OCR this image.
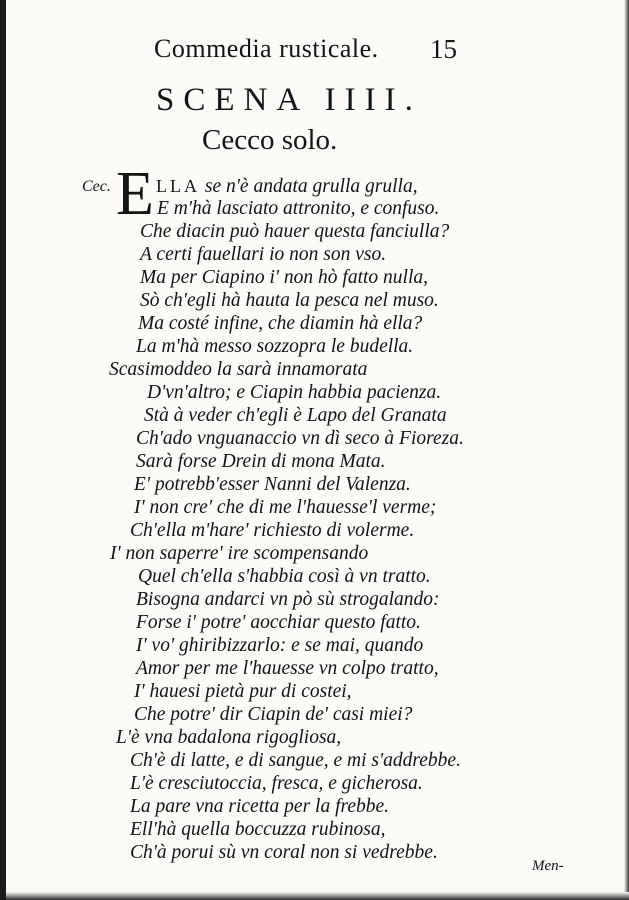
Commedia rusticale. 15
SCENA IIII.
Cecco solo.
Cec. E LLA se n'è andata grulla grulla,
E m'hà lasciato attronito, e confuso.
Che diacin può hauer questa fanciulla?
A certi fauellari io non son vso.
Ma per Ciapino i' non hò fatto nulla,
Sò ch'egli hà hauta la pesca nel muso.
Ma costé infine, che diamin hà ella?
La m'hà messo sozzopra le budella.
Scasimoddeo la sarà innamorata
D'vn'altro; e Ciapin habbia pacienza.
Stà à veder ch'egli è Lapo del Granata
Ch'ado vnguanaccio vn dì seco à Fioreza.
Sarà forse Drein di mona Mata.
E' potrebb'esser Nanni del Valenza.
I' non cre' che di me l'hauesse'l verme;
Ch'ella m'hare' richiesto di volerme.
I' non saperre' ire scompensando
Quel ch'ella s'habbia così à vn tratto.
Bisogna andarci vn pò sù strogalando:
Forse i' potre' aocchiar questo fatto.
I' vo' ghiribizzarlo: e se mai, quando
Amor per me l'hauesse vn colpo tratto,
I' hauesi pietà pur di costei,
Che potre' dir Ciapin de' casi miei?
L'è vna badalona rigogliosa,
Ch'è di latte, e di sangue, e mi s'addrebbe.
L'è cresciutoccia, fresca, e gicherosa.
La pare vna ricetta per la frebbe.
Ell'hà quella boccuzza rubinosa,
Ch'à porui sù vn coral non si vedrebbe.
Men-
